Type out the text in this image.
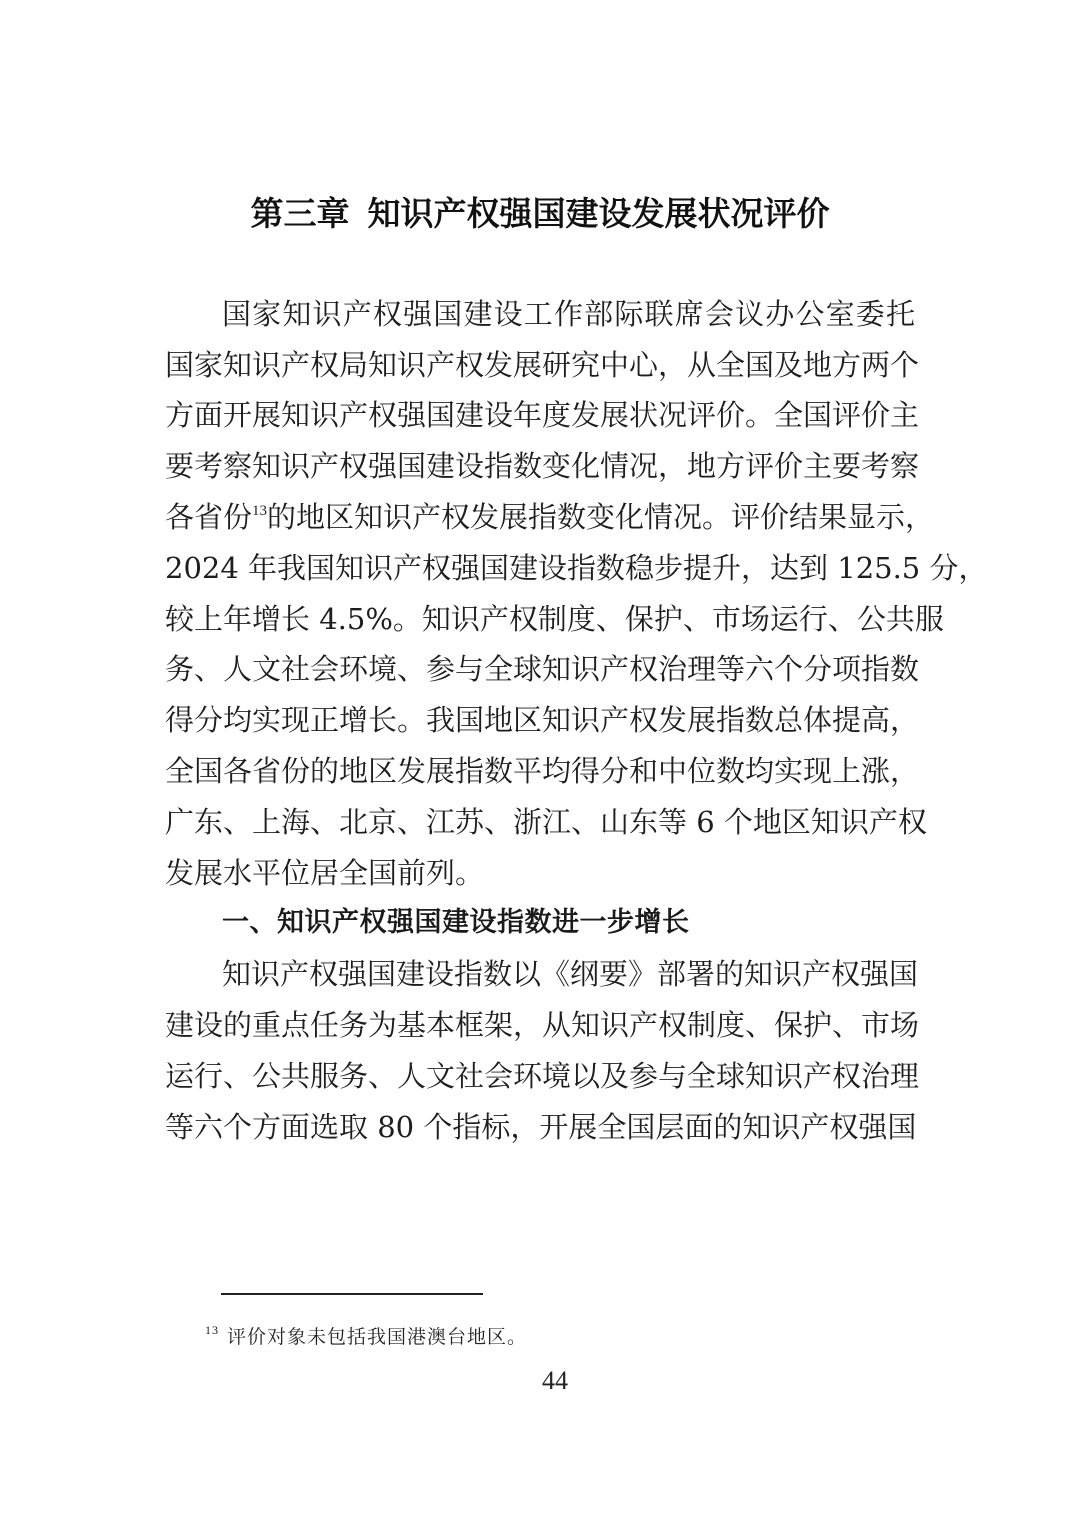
第三章 知识产权强国建设发展状况评价
国家知识产权强国建设工作部际联席会议办公室委托
国家知识产权局知识产权发展研究中心，从全国及地方两个
方面开展知识产权强国建设年度发展状况评价。全国评价主
要考察知识产权强国建设指数变化情况，地方评价主要考察
各省份$^{13}$的地区知识产权发展指数变化情况。评价结果显示，
2024 年我国知识产权强国建设指数稳步提升，达到 125.5 分，
较上年增长 4.5%。知识产权制度、保护、市场运行、公共服
务、人文社会环境、参与全球知识产权治理等六个分项指数
得分均实现正增长。我国地区知识产权发展指数总体提高，
全国各省份的地区发展指数平均得分和中位数均实现上涨，
广东、上海、北京、江苏、浙江、山东等 6 个地区知识产权
发展水平位居全国前列。
一、知识产权强国建设指数进一步增长
知识产权强国建设指数以《纲要》部署的知识产权强国
建设的重点任务为基本框架，从知识产权制度、保护、市场
运行、公共服务、人文社会环境以及参与全球知识产权治理
等六个方面选取 80 个指标，开展全国层面的知识产权强国
$^{13}$ 评价对象未包括我国港澳台地区。
44
